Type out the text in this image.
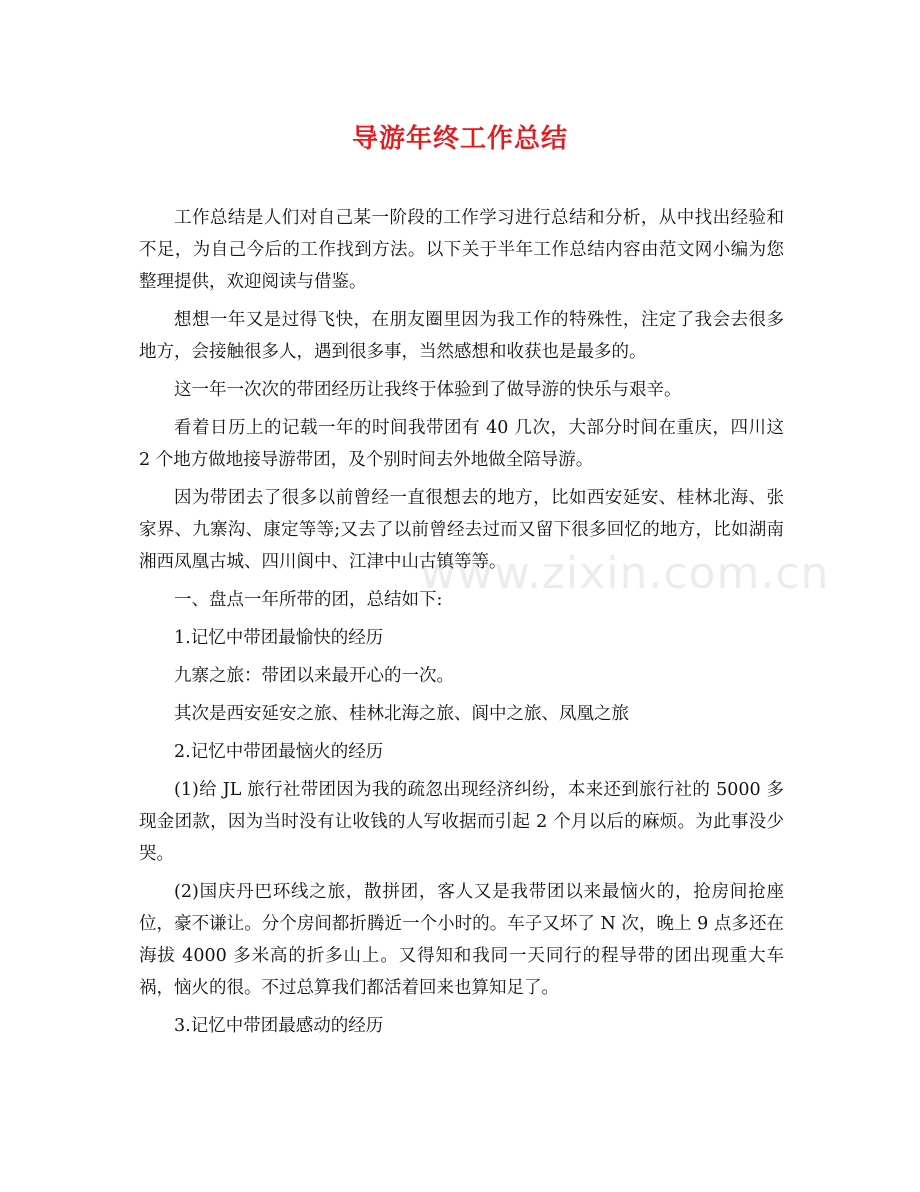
导游年终工作总结

工作总结是人们对自己某一阶段的工作学习进行总结和分析，从中找出经验和不足，为自己今后的工作找到方法。以下关于半年工作总结内容由范文网小编为您整理提供，欢迎阅读与借鉴。

想想一年又是过得飞快，在朋友圈里因为我工作的特殊性，注定了我会去很多地方，会接触很多人，遇到很多事，当然感想和收获也是最多的。

这一年一次次的带团经历让我终于体验到了做导游的快乐与艰辛。

看着日历上的记载一年的时间我带团有 40 几次，大部分时间在重庆，四川这 2 个地方做地接导游带团，及个别时间去外地做全陪导游。

因为带团去了很多以前曾经一直很想去的地方，比如西安延安、桂林北海、张家界、九寨沟、康定等等;又去了以前曾经去过而又留下很多回忆的地方，比如湖南湘西凤凰古城、四川阆中、江津中山古镇等等。

一、盘点一年所带的团，总结如下:

1.记忆中带团最愉快的经历

九寨之旅：带团以来最开心的一次。

其次是西安延安之旅、桂林北海之旅、阆中之旅、凤凰之旅

2.记忆中带团最恼火的经历

(1)给 JL 旅行社带团因为我的疏忽出现经济纠纷，本来还到旅行社的 5000 多现金团款，因为当时没有让收钱的人写收据而引起 2 个月以后的麻烦。为此事没少哭。

(2)国庆丹巴环线之旅，散拼团，客人又是我带团以来最恼火的，抢房间抢座位，豪不谦让。分个房间都折腾近一个小时的。车子又坏了 N 次，晚上 9 点多还在海拔 4000 多米高的折多山上。又得知和我同一天同行的程导带的团出现重大车祸，恼火的很。不过总算我们都活着回来也算知足了。

3.记忆中带团最感动的经历

www.zixin.com.cn
